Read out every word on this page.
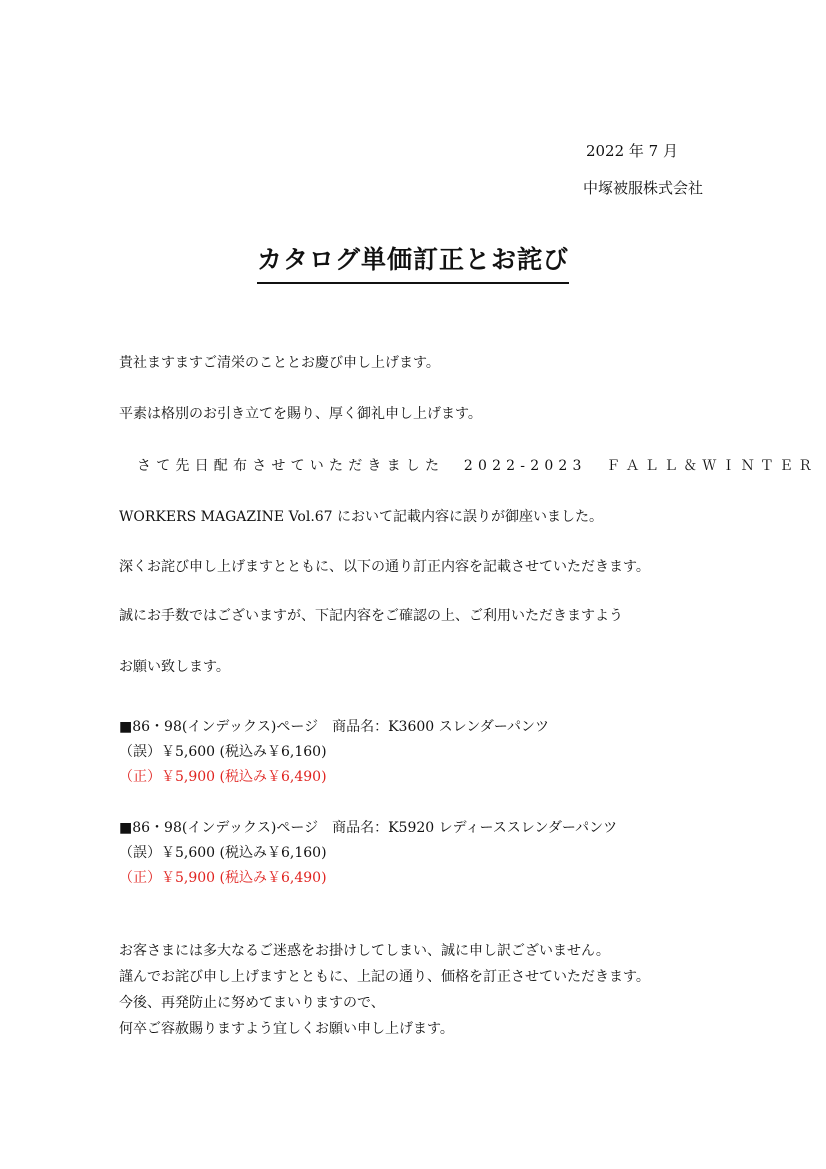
2022 年 7 月
中塚被服株式会社
カタログ単価訂正とお詫び
貴社ますますご清栄のこととお慶び申し上げます。
平素は格別のお引き立てを賜り、厚く御礼申し上げます。
さて先日配布させていただきました 2022-2023 ＦＡＬＬ＆ＷＩＮＴＥＲ
WORKERS MAGAZINE Vol.67 において記載内容に誤りが御座いました。
深くお詫び申し上げますとともに、以下の通り訂正内容を記載させていただきます。
誠にお手数ではございますが、下記内容をご確認の上、ご利用いただきますよう
お願い致します。
■86・98(インデックス)ページ　商品名：K3600 スレンダーパンツ
（誤）￥5,600 (税込み￥6,160)
（正）￥5,900 (税込み￥6,490)
■86・98(インデックス)ページ　商品名：K5920 レディーススレンダーパンツ
（誤）￥5,600 (税込み￥6,160)
（正）￥5,900 (税込み￥6,490)
お客さまには多大なるご迷惑をお掛けしてしまい、誠に申し訳ございません。
謹んでお詫び申し上げますとともに、上記の通り、価格を訂正させていただきます。
今後、再発防止に努めてまいりますので、
何卒ご容赦賜りますよう宜しくお願い申し上げます。
